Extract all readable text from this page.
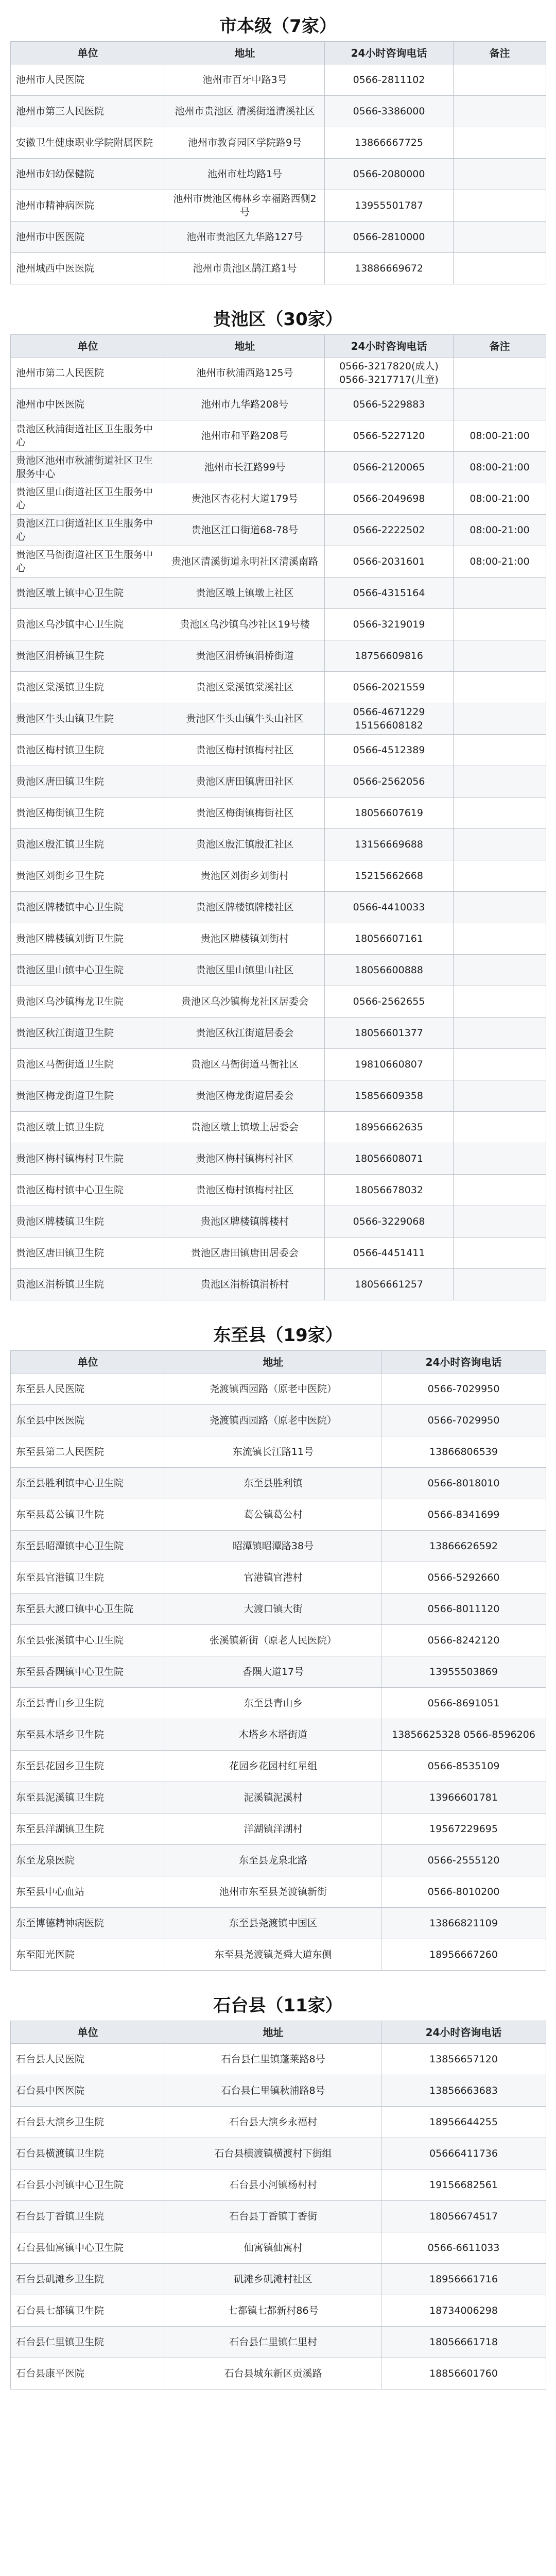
市本级（7家）
单位	地址	24小时咨询电话	备注
池州市人民医院	池州市百牙中路3号	0566-2811102	
池州市第三人民医院	池州市贵池区 清溪街道清溪社区	0566-3386000	
安徽卫生健康职业学院附属医院	池州市教育园区学院路9号	13866667725	
池州市妇幼保健院	池州市杜均路1号	0566-2080000	
池州市精神病医院	池州市贵池区梅林乡幸福路西侧2号	13955501787	
池州市中医医院	池州市贵池区九华路127号	0566-2810000	
池州城西中医医院	池州市贵池区鹊江路1号	13886669672	
贵池区（30家）
单位	地址	24小时咨询电话	备注
池州市第二人民医院	池州市秋浦西路125号	0566-3217820(成人) 0566-3217717(儿童)	
池州市中医医院	池州市九华路208号	0566-5229883	
贵池区秋浦街道社区卫生服务中心	池州市和平路208号	0566-5227120	08:00-21:00
贵池区池州市秋浦街道社区卫生服务中心	池州市长江路99号	0566-2120065	08:00-21:00
贵池区里山街道社区卫生服务中心	贵池区杏花村大道179号	0566-2049698	08:00-21:00
贵池区江口街道社区卫生服务中心	贵池区江口街道68-78号	0566-2222502	08:00-21:00
贵池区马衙街道社区卫生服务中心	贵池区清溪街道永明社区清溪南路	0566-2031601	08:00-21:00
贵池区墩上镇中心卫生院	贵池区墩上镇墩上社区	0566-4315164	
贵池区乌沙镇中心卫生院	贵池区乌沙镇乌沙社区19号楼	0566-3219019	
贵池区涓桥镇卫生院	贵池区涓桥镇涓桥街道	18756609816	
贵池区棠溪镇卫生院	贵池区棠溪镇棠溪社区	0566-2021559	
贵池区牛头山镇卫生院	贵池区牛头山镇牛头山社区	0566-4671229 15156608182	
贵池区梅村镇卫生院	贵池区梅村镇梅村社区	0566-4512389	
贵池区唐田镇卫生院	贵池区唐田镇唐田社区	0566-2562056	
贵池区梅街镇卫生院	贵池区梅街镇梅街社区	18056607619	
贵池区殷汇镇卫生院	贵池区殷汇镇殷汇社区	13156669688	
贵池区刘街乡卫生院	贵池区刘街乡刘街村	15215662668	
贵池区牌楼镇中心卫生院	贵池区牌楼镇牌楼社区	0566-4410033	
贵池区牌楼镇刘街卫生院	贵池区牌楼镇刘街村	18056607161	
贵池区里山镇中心卫生院	贵池区里山镇里山社区	18056600888	
贵池区乌沙镇梅龙卫生院	贵池区乌沙镇梅龙社区居委会	0566-2562655	
贵池区秋江街道卫生院	贵池区秋江街道居委会	18056601377	
贵池区马衙街道卫生院	贵池区马衙街道马衙社区	19810660807	
贵池区梅龙街道卫生院	贵池区梅龙街道居委会	15856609358	
贵池区墩上镇卫生院	贵池区墩上镇墩上居委会	18956662635	
贵池区梅村镇梅村卫生院	贵池区梅村镇梅村社区	18056608071	
贵池区梅村镇中心卫生院	贵池区梅村镇梅村社区	18056678032	
贵池区牌楼镇卫生院	贵池区牌楼镇牌楼村	0566-3229068	
贵池区唐田镇卫生院	贵池区唐田镇唐田居委会	0566-4451411	
贵池区涓桥镇卫生院	贵池区涓桥镇涓桥村	18056661257	
东至县（19家）
单位	地址	24小时咨询电话
东至县人民医院	尧渡镇西园路（原老中医院）	0566-7029950
东至县中医医院	尧渡镇西园路（原老中医院）	0566-7029950
东至县第二人民医院	东流镇长江路11号	13866806539
东至县胜利镇中心卫生院	东至县胜利镇	0566-8018010
东至县葛公镇卫生院	葛公镇葛公村	0566-8341699
东至县昭潭镇中心卫生院	昭潭镇昭潭路38号	13866626592
东至县官港镇卫生院	官港镇官港村	0566-5292660
东至县大渡口镇中心卫生院	大渡口镇大街	0566-8011120
东至县张溪镇中心卫生院	张溪镇新街（原老人民医院）	0566-8242120
东至县香隅镇中心卫生院	香隅大道17号	13955503869
东至县青山乡卫生院	东至县青山乡	0566-8691051
东至县木塔乡卫生院	木塔乡木塔街道	13856625328 0566-8596206
东至县花园乡卫生院	花园乡花园村红星组	0566-8535109
东至县泥溪镇卫生院	泥溪镇泥溪村	13966601781
东至县洋湖镇卫生院	洋湖镇洋湖村	19567229695
东至龙泉医院	东至县龙泉北路	0566-2555120
东至县中心血站	池州市东至县尧渡镇新街	0566-8010200
东至博德精神病医院	东至县尧渡镇中国区	13866821109
东至阳光医院	东至县尧渡镇尧舜大道东侧	18956667260
石台县（11家）
单位	地址	24小时咨询电话
石台县人民医院	石台县仁里镇蓬莱路8号	13856657120
石台县中医医院	石台县仁里镇秋浦路8号	13856663683
石台县大演乡卫生院	石台县大演乡永福村	18956644255
石台县横渡镇卫生院	石台县横渡镇横渡村下街组	05666411736
石台县小河镇中心卫生院	石台县小河镇杨村村	19156682561
石台县丁香镇卫生院	石台县丁香镇丁香街	18056674517
石台县仙寓镇中心卫生院	仙寓镇仙寓村	0566-6611033
石台县矶滩乡卫生院	矶滩乡矶滩村社区	18956661716
石台县七都镇卫生院	七都镇七都新村86号	18734006298
石台县仁里镇卫生院	石台县仁里镇仁里村	18056661718
石台县康平医院	石台县城东新区贡溪路	18856601760
